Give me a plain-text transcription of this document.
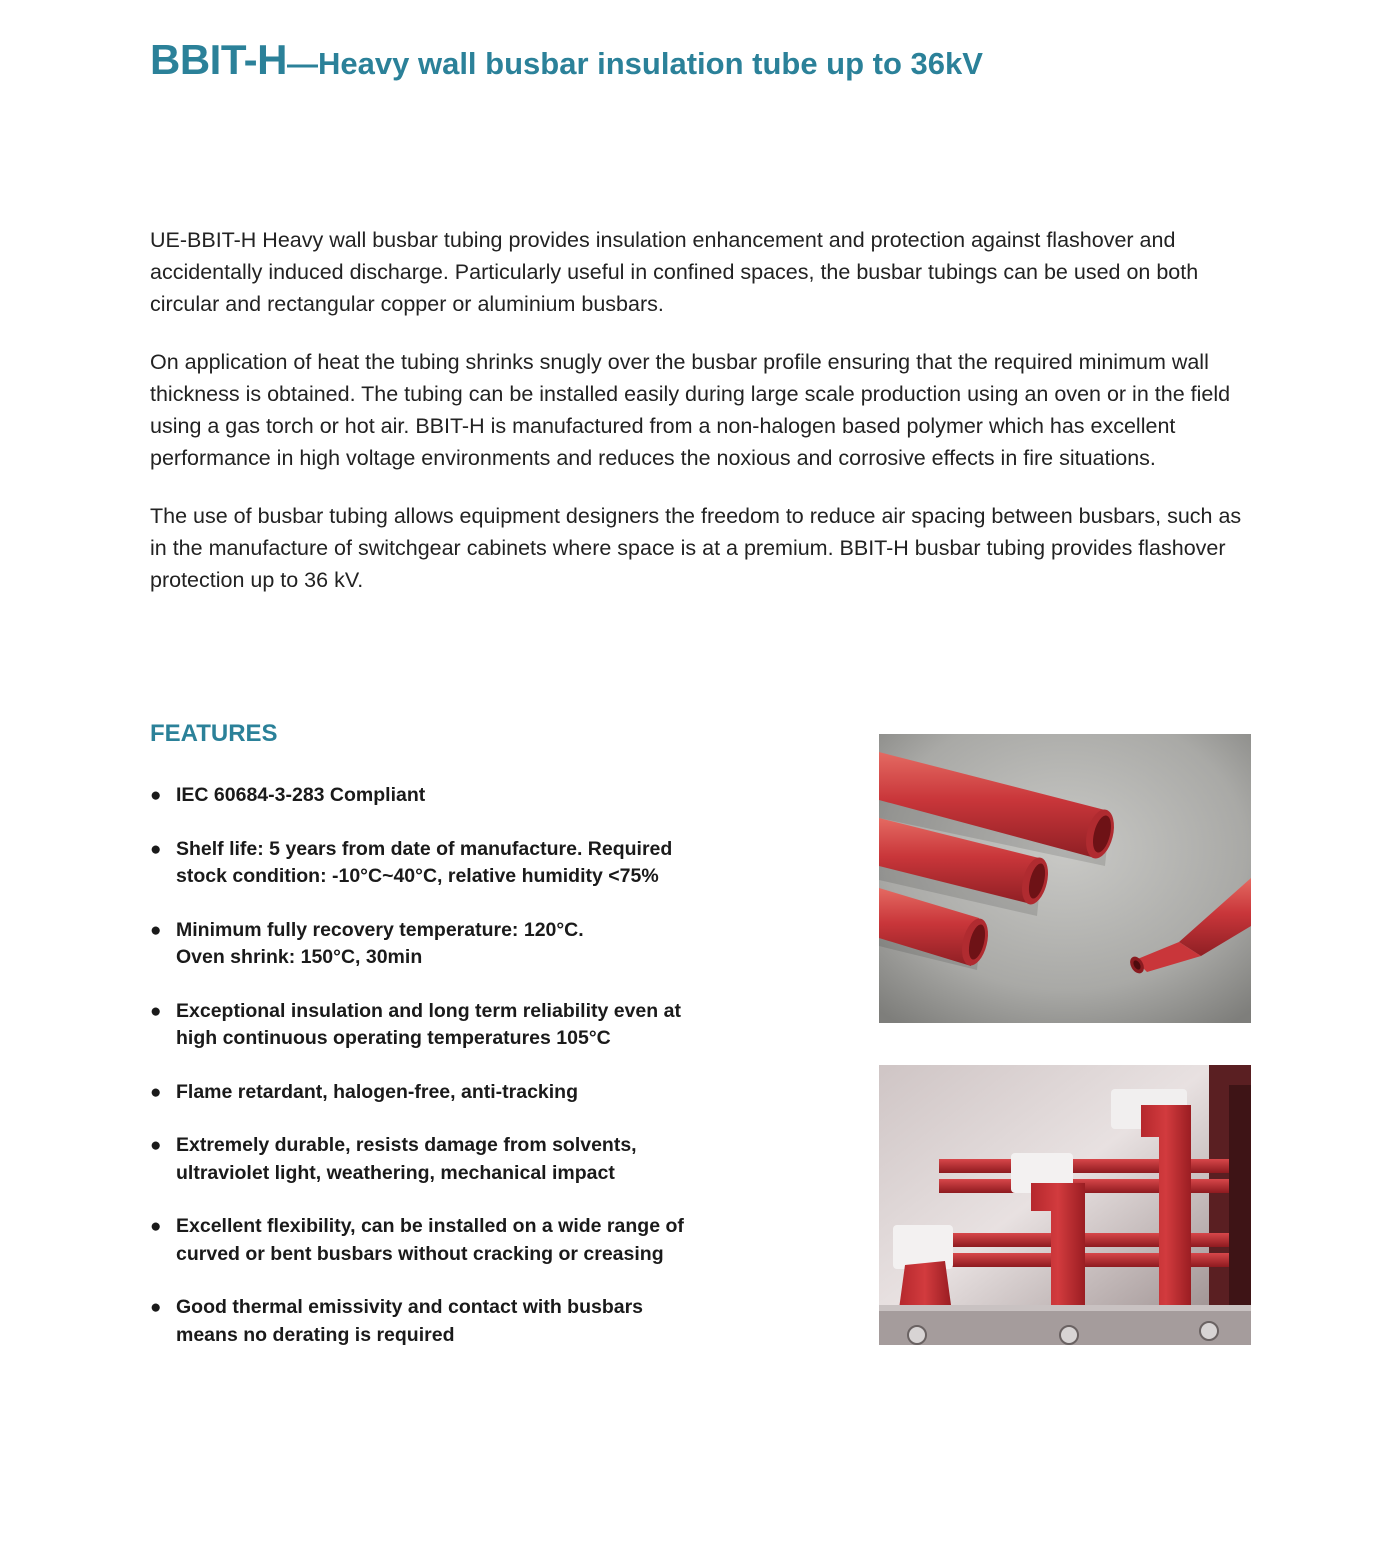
BBIT-H—Heavy wall busbar insulation tube up to 36kV

UE-BBIT-H Heavy wall busbar tubing provides insulation enhancement and protection against flashover and accidentally induced discharge. Particularly useful in confined spaces, the busbar tubings can be used on both circular and rectangular copper or aluminium busbars.

On application of heat the tubing shrinks snugly over the busbar profile ensuring that the required minimum wall thickness is obtained. The tubing can be installed easily during large scale production using an oven or in the field using a gas torch or hot air. BBIT-H is manufactured from a non-halogen based polymer which has excellent performance in high voltage environments and reduces the noxious and corrosive effects in fire situations.

The use of busbar tubing allows equipment designers the freedom to reduce air spacing between busbars, such as in the manufacture of switchgear cabinets where space is at a premium. BBIT-H busbar tubing provides flashover protection up to 36 kV.

FEATURES
● IEC 60684-3-283 Compliant
● Shelf life: 5 years from date of manufacture. Required
stock condition: -10°C~40°C, relative humidity <75%
● Minimum fully recovery temperature: 120°C.
Oven shrink: 150°C, 30min
● Exceptional insulation and long term reliability even at
high continuous operating temperatures 105°C
● Flame retardant, halogen-free, anti-tracking
● Extremely durable, resists damage from solvents,
ultraviolet light, weathering, mechanical impact
● Excellent flexibility, can be installed on a wide range of
curved or bent busbars without cracking or creasing
● Good thermal emissivity and contact with busbars
means no derating is required
